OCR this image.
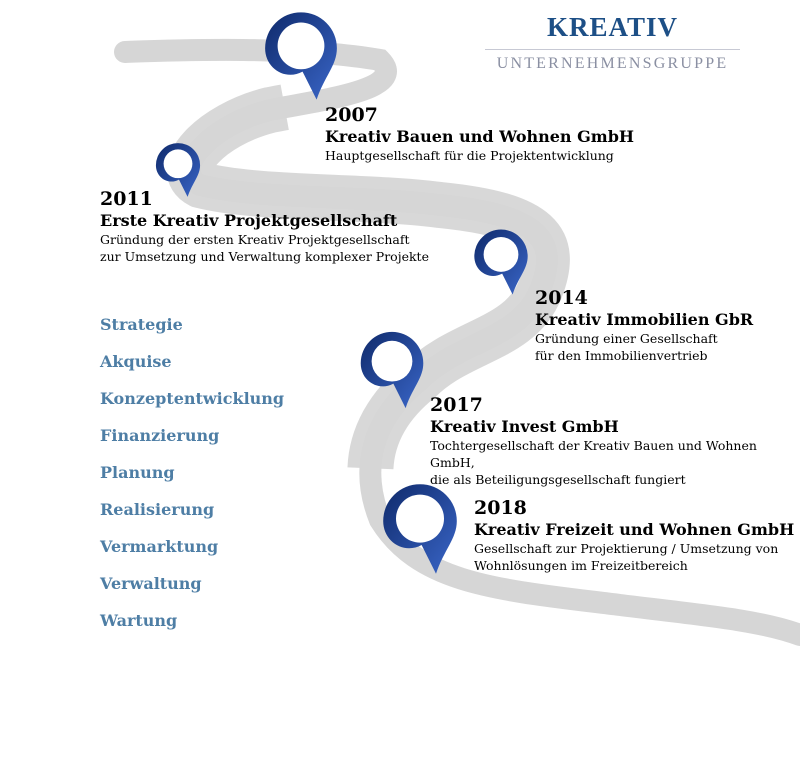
KREATIV
UNTERNEHMENSGRUPPE
2007
Kreativ Bauen und Wohnen GmbH
Hauptgesellschaft für die Projektentwicklung
2011
Erste Kreativ Projektgesellschaft
Gründung der ersten Kreativ Projektgesellschaft
zur Umsetzung und Verwaltung komplexer Projekte
2014
Kreativ Immobilien GbR
Gründung einer Gesellschaft
für den Immobilienvertrieb
2017
Kreativ Invest GmbH
Tochtergesellschaft der Kreativ Bauen und Wohnen GmbH,
die als Beteiligungsgesellschaft fungiert
2018
Kreativ Freizeit und Wohnen GmbH
Gesellschaft zur Projektierung / Umsetzung von
Wohnlösungen im Freizeitbereich
Strategie
Akquise
Konzeptentwicklung
Finanzierung
Planung
Realisierung
Vermarktung
Verwaltung
Wartung
